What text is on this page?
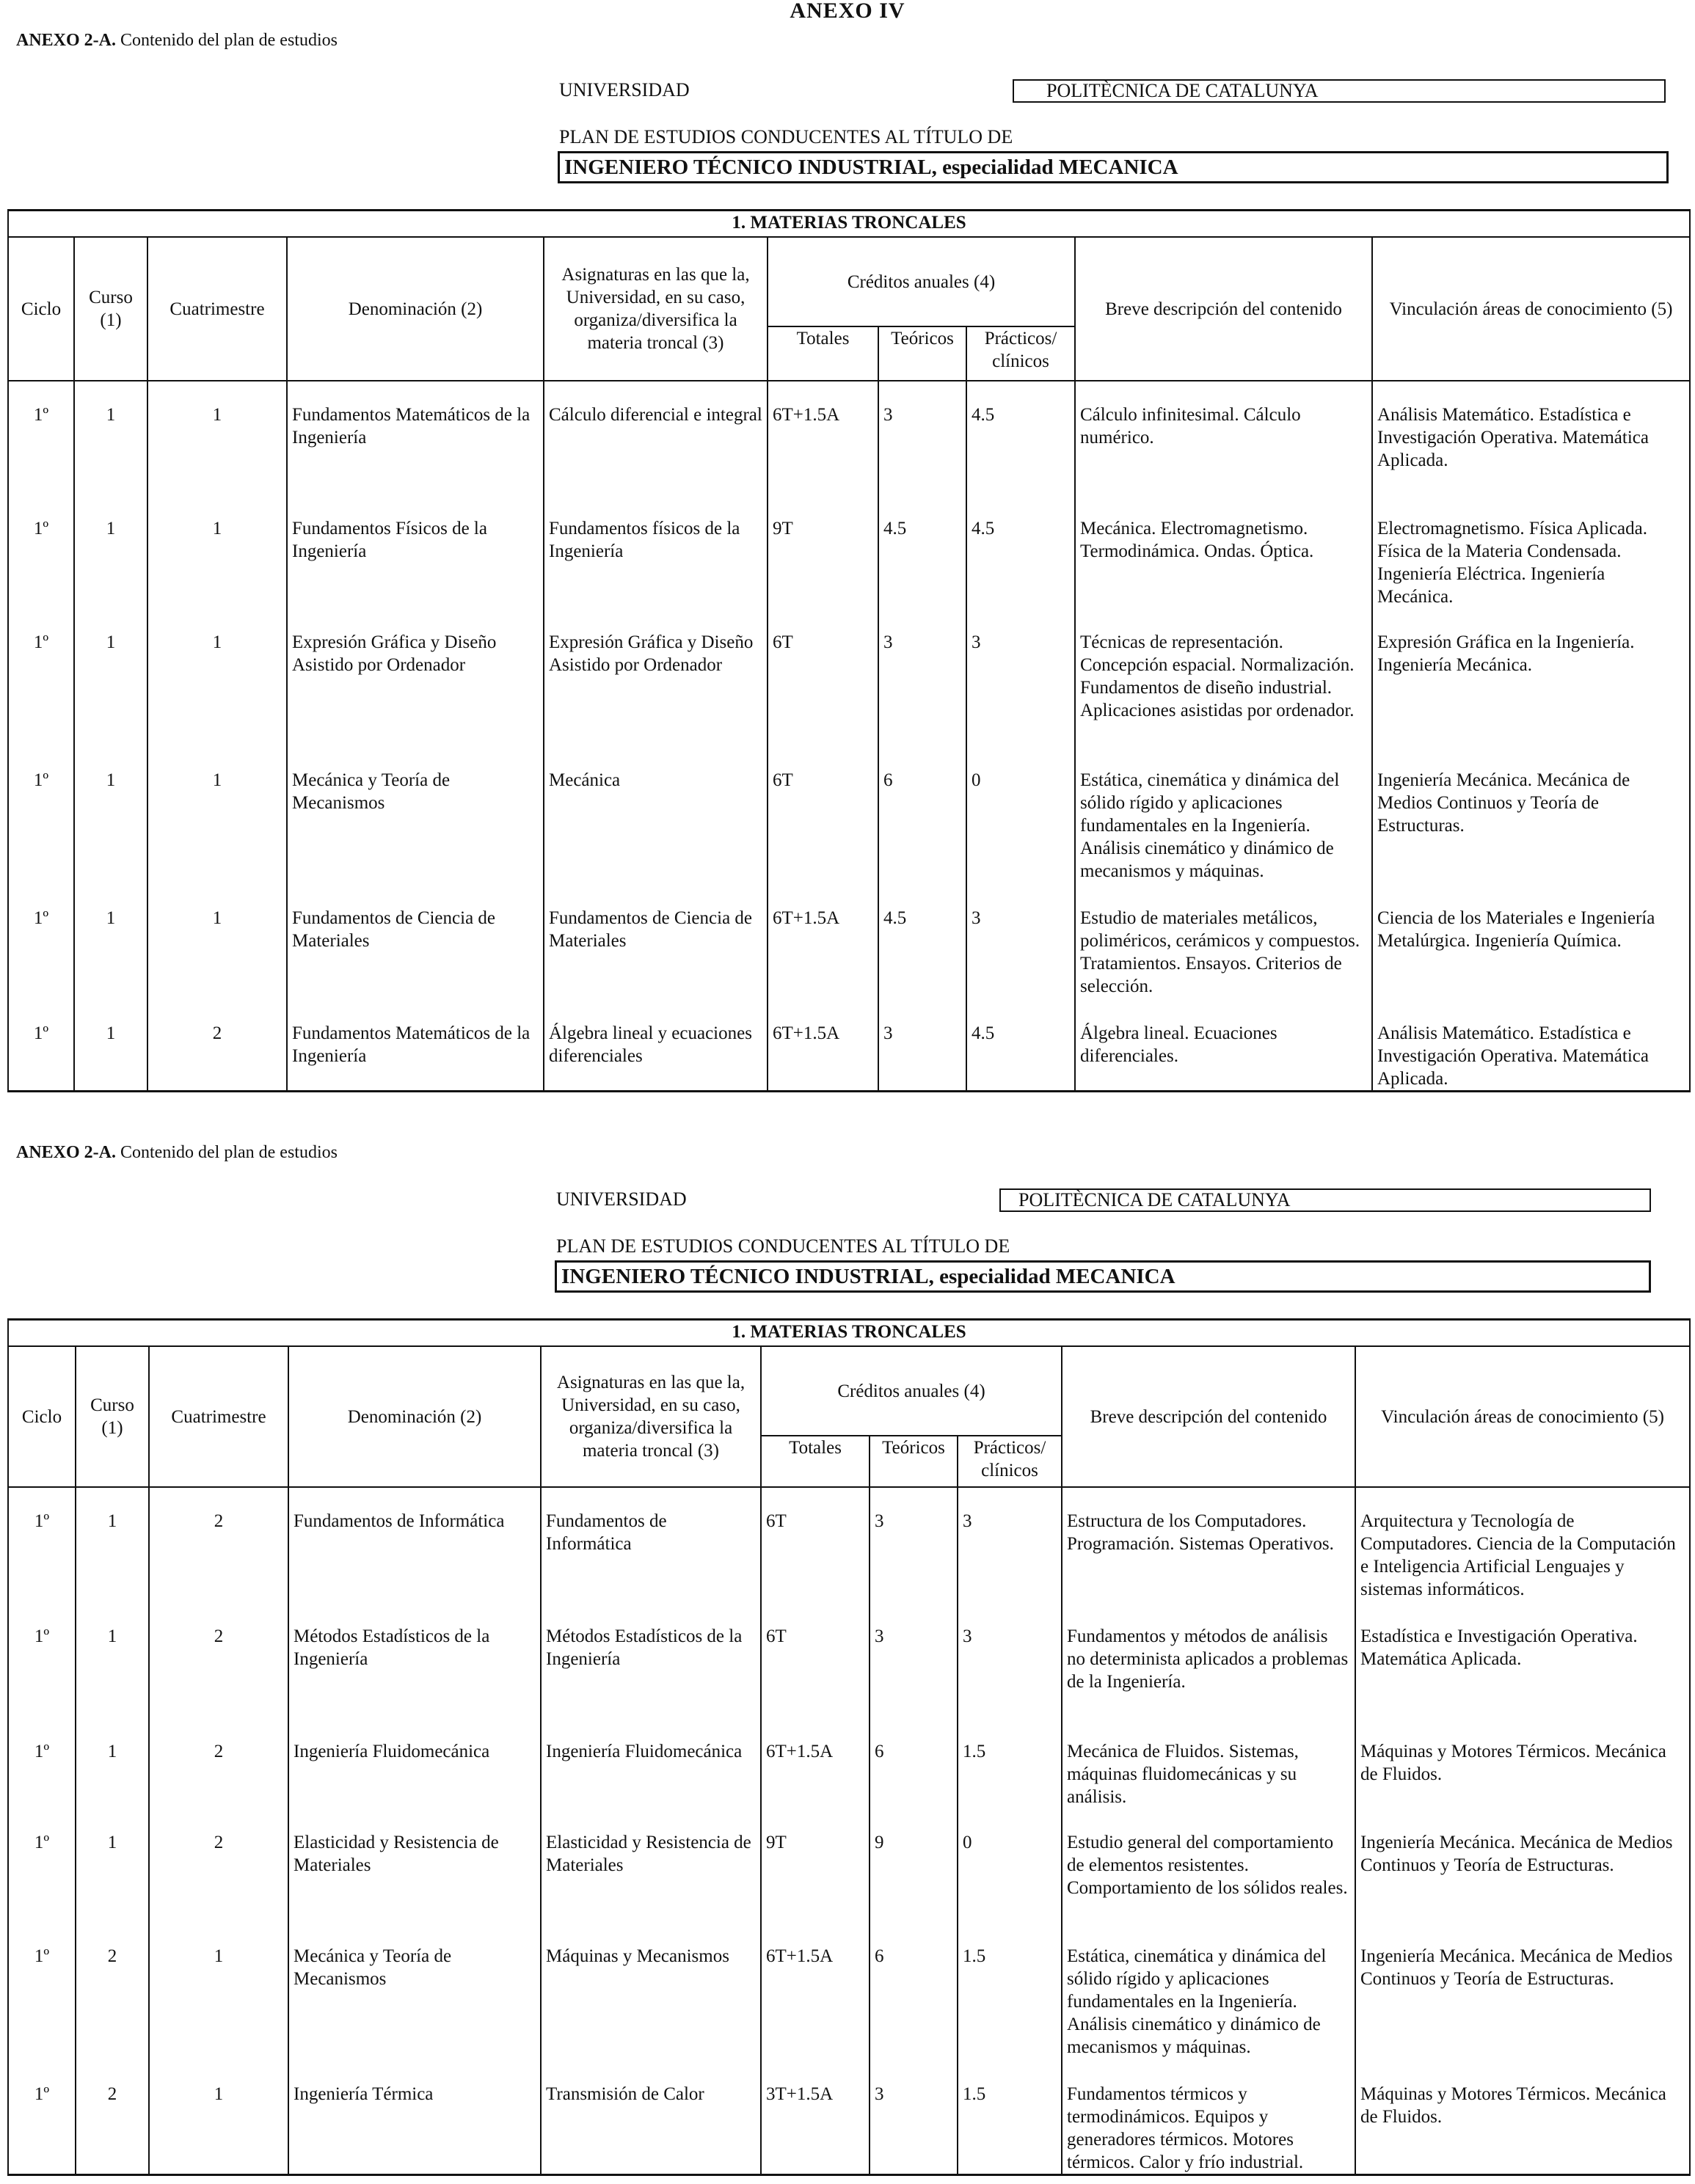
ANEXO IV
ANEXO 2-A. Contenido del plan de estudios
UNIVERSIDAD	POLITÈCNICA DE CATALUNYA
PLAN DE ESTUDIOS CONDUCENTES AL TÍTULO DE
INGENIERO TÉCNICO INDUSTRIAL, especialidad MECANICA
1. MATERIAS TRONCALES									
Ciclo	Curso (1)	Cuatrimestre	Denominación (2)	Asignaturas en las que la, Universidad, en su caso, organiza/diversifica la materia troncal (3)	Créditos anuales (4)			Breve descripción del contenido	Vinculación áreas de conocimiento (5)
					Totales	Teóricos	Prácticos/ clínicos		

1º	1	1	Fundamentos Matemáticos de la Ingeniería	Cálculo diferencial e integral	6T+1.5A	3	4.5	Cálculo infinitesimal. Cálculo numérico.	Análisis Matemático. Estadística e Investigación Operativa. Matemática Aplicada.
1º	1	1	Fundamentos Físicos de la Ingeniería	Fundamentos físicos de la Ingeniería	9T	4.5	4.5	Mecánica. Electromagnetismo. Termodinámica. Ondas. Óptica.	Electromagnetismo. Física Aplicada. Física de la Materia Condensada. Ingeniería Eléctrica. Ingeniería Mecánica.
1º	1	1	Expresión Gráfica y Diseño Asistido por Ordenador	Expresión Gráfica y Diseño Asistido por Ordenador	6T	3	3	Técnicas de representación. Concepción espacial. Normalización. Fundamentos de diseño industrial. Aplicaciones asistidas por ordenador.	Expresión Gráfica en la Ingeniería. Ingeniería Mecánica.
1º	1	1	Mecánica y Teoría de Mecanismos	Mecánica	6T	6	0	Estática, cinemática y dinámica del sólido rígido y aplicaciones fundamentales en la Ingeniería. Análisis cinemático y dinámico de mecanismos y máquinas.	Ingeniería Mecánica. Mecánica de Medios Continuos y Teoría de Estructuras.
1º	1	1	Fundamentos de Ciencia de Materiales	Fundamentos de Ciencia de Materiales	6T+1.5A	4.5	3	Estudio de materiales metálicos, poliméricos, cerámicos y compuestos. Tratamientos. Ensayos. Criterios de selección.	Ciencia de los Materiales e Ingeniería Metalúrgica. Ingeniería Química.
1º	1	2	Fundamentos Matemáticos de la Ingeniería	Álgebra lineal y ecuaciones diferenciales	6T+1.5A	3	4.5	Álgebra lineal. Ecuaciones diferenciales.	Análisis Matemático. Estadística e Investigación Operativa. Matemática Aplicada.
ANEXO 2-A. Contenido del plan de estudios
UNIVERSIDAD	POLITÈCNICA DE CATALUNYA
PLAN DE ESTUDIOS CONDUCENTES AL TÍTULO DE
INGENIERO TÉCNICO INDUSTRIAL, especialidad MECANICA
1. MATERIAS TRONCALES									
Ciclo	Curso (1)	Cuatrimestre	Denominación (2)	Asignaturas en las que la, Universidad, en su caso, organiza/diversifica la materia troncal (3)	Créditos anuales (4)			Breve descripción del contenido	Vinculación áreas de conocimiento (5)
					Totales	Teóricos	Prácticos/ clínicos		

1º	1	2	Fundamentos de Informática	Fundamentos de Informática	6T	3	3	Estructura de los Computadores. Programación. Sistemas Operativos.	Arquitectura y Tecnología de Computadores. Ciencia de la Computación e Inteligencia Artificial Lenguajes y sistemas informáticos.
1º	1	2	Métodos Estadísticos de la Ingeniería	Métodos Estadísticos de la Ingeniería	6T	3	3	Fundamentos y métodos de análisis no determinista aplicados a problemas de la Ingeniería.	Estadística e Investigación Operativa. Matemática Aplicada.
1º	1	2	Ingeniería Fluidomecánica	Ingeniería Fluidomecánica	6T+1.5A	6	1.5	Mecánica de Fluidos. Sistemas, máquinas fluidomecánicas y su análisis.	Máquinas y Motores Térmicos. Mecánica de Fluidos.
1º	1	2	Elasticidad y Resistencia de Materiales	Elasticidad y Resistencia de Materiales	9T	9	0	Estudio general del comportamiento de elementos resistentes. Comportamiento de los sólidos reales.	Ingeniería Mecánica. Mecánica de Medios Continuos y Teoría de Estructuras.
1º	2	1	Mecánica y Teoría de Mecanismos	Máquinas y Mecanismos	6T+1.5A	6	1.5	Estática, cinemática y dinámica del sólido rígido y aplicaciones fundamentales en la Ingeniería. Análisis cinemático y dinámico de mecanismos y máquinas.	Ingeniería Mecánica. Mecánica de Medios Continuos y Teoría de Estructuras.
1º	2	1	Ingeniería Térmica	Transmisión de Calor	3T+1.5A	3	1.5	Fundamentos térmicos y termodinámicos. Equipos y generadores térmicos. Motores térmicos. Calor y frío industrial.	Máquinas y Motores Térmicos. Mecánica de Fluidos.
